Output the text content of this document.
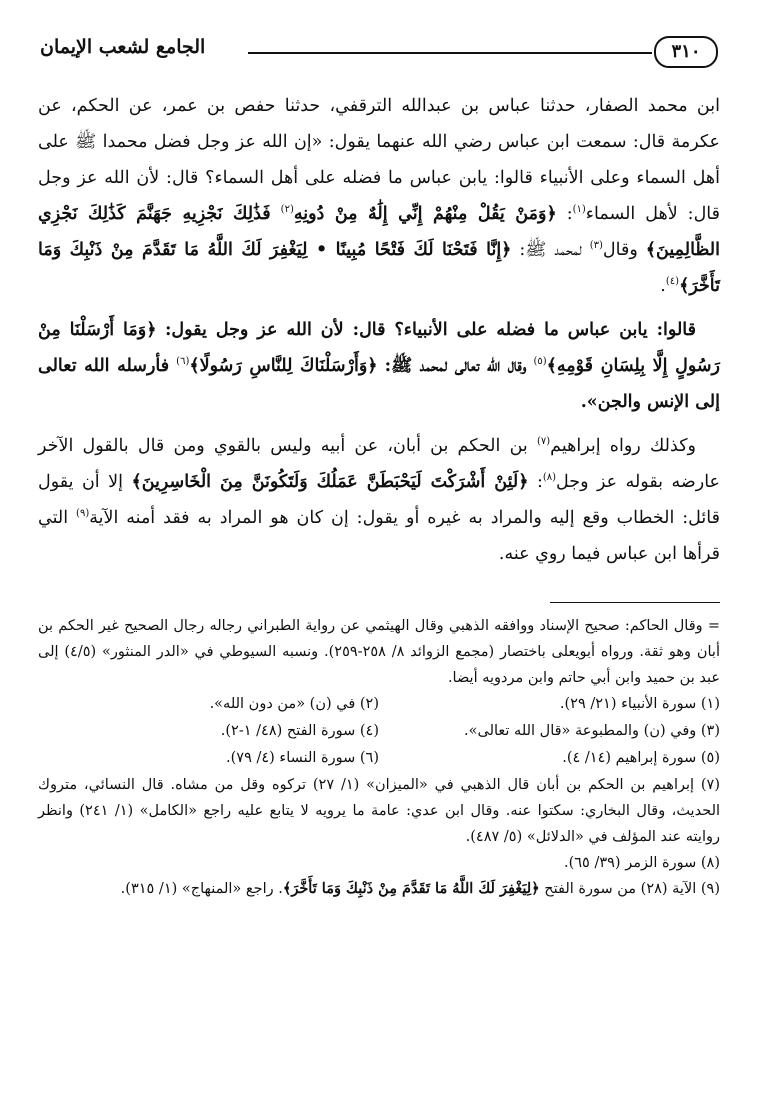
٣١٠
الجامع لشعب الإيمان

ابن محمد الصفار، حدثنا عباس بن عبدالله الترقفي، حدثنا حفص بن عمر، عن الحكم، عن عكرمة قال: سمعت ابن عباس رضي الله عنهما يقول: «إن الله عز وجل فضل محمدا ﷺ على أهل السماء وعلى الأنبياء قالوا: يابن عباس ما فضله على أهل السماء؟ قال: لأن الله عز وجل قال: لأهل السماء$^{(١)}$: ﴿وَمَنْ يَقُلْ مِنْهُمْ إِنِّي إِلَٰهٌ مِنْ دُونِهِ$^{(٢)}$ فَذَٰلِكَ نَجْزِيهِ جَهَنَّمَ كَذَٰلِكَ نَجْزِي الظَّالِمِينَ﴾ وقال$^{(٣)}$ لمحمد ﷺ: ﴿إِنَّا فَتَحْنَا لَكَ فَتْحًا مُبِينًا • لِيَغْفِرَ لَكَ اللَّهُ مَا تَقَدَّمَ مِنْ ذَنْبِكَ وَمَا تَأَخَّرَ﴾$^{(٤)}$.

قالوا: يابن عباس ما فضله على الأنبياء؟ قال: لأن الله عز وجل يقول: ﴿وَمَا أَرْسَلْنَا مِنْ رَسُولٍ إِلَّا بِلِسَانِ قَوْمِهِ﴾$^{(٥)}$ وقال الله تعالى لمحمد ﷺ: ﴿وَأَرْسَلْنَاكَ لِلنَّاسِ رَسُولًا﴾$^{(٦)}$ فأرسله الله تعالى إلى الإنس والجن».

وكذلك رواه إبراهيم$^{(٧)}$ بن الحكم بن أبان، عن أبيه وليس بالقوي ومن قال بالقول الآخر عارضه بقوله عز وجل$^{(٨)}$: ﴿لَئِنْ أَشْرَكْتَ لَيَحْبَطَنَّ عَمَلُكَ وَلَتَكُونَنَّ مِنَ الْخَاسِرِينَ﴾ إلا أن يقول قائل: الخطاب وقع إليه والمراد به غيره أو يقول: إن كان هو المراد به فقد أمنه الآية$^{(٩)}$ التي قرأها ابن عباس فيما روي عنه.

= وقال الحاكم: صحيح الإسناد ووافقه الذهبي وقال الهيثمي عن رواية الطبراني رجاله رجال الصحيح غير الحكم بن أبان وهو ثقة. ورواه أبويعلى باختصار (مجمع الزوائد ٨/ ٢٥٨-٢٥٩). ونسبه السيوطي في «الدر المنثور» (٤/٥) إلى عبد بن حميد وابن أبي حاتم وابن مردويه أيضا.

(١) سورة الأنبياء (٢١/ ٢٩).
(٢) في (ن) «من دون الله».
(٣) وفي (ن) والمطبوعة «قال الله تعالى».
(٤) سورة الفتح (٤٨/ ١-٢).
(٥) سورة إبراهيم (١٤/ ٤).
(٦) سورة النساء (٤/ ٧٩).

(٧) إبراهيم بن الحكم بن أبان قال الذهبي في «الميزان» (١/ ٢٧) تركوه وقل من مشاه. قال النسائي، متروك الحديث، وقال البخاري: سكتوا عنه. وقال ابن عدي: عامة ما يرويه لا يتابع عليه راجع «الكامل» (١/ ٢٤١) وانظر روايته عند المؤلف في «الدلائل» (٥/ ٤٨٧).

(٨) سورة الزمر (٣٩/ ٦٥).

(٩) الآية (٢٨) من سورة الفتح ﴿لِيَغْفِرَ لَكَ اللَّهُ مَا تَقَدَّمَ مِنْ ذَنْبِكَ وَمَا تَأَخَّرَ﴾. راجع «المنهاج» (١/ ٣١٥).
